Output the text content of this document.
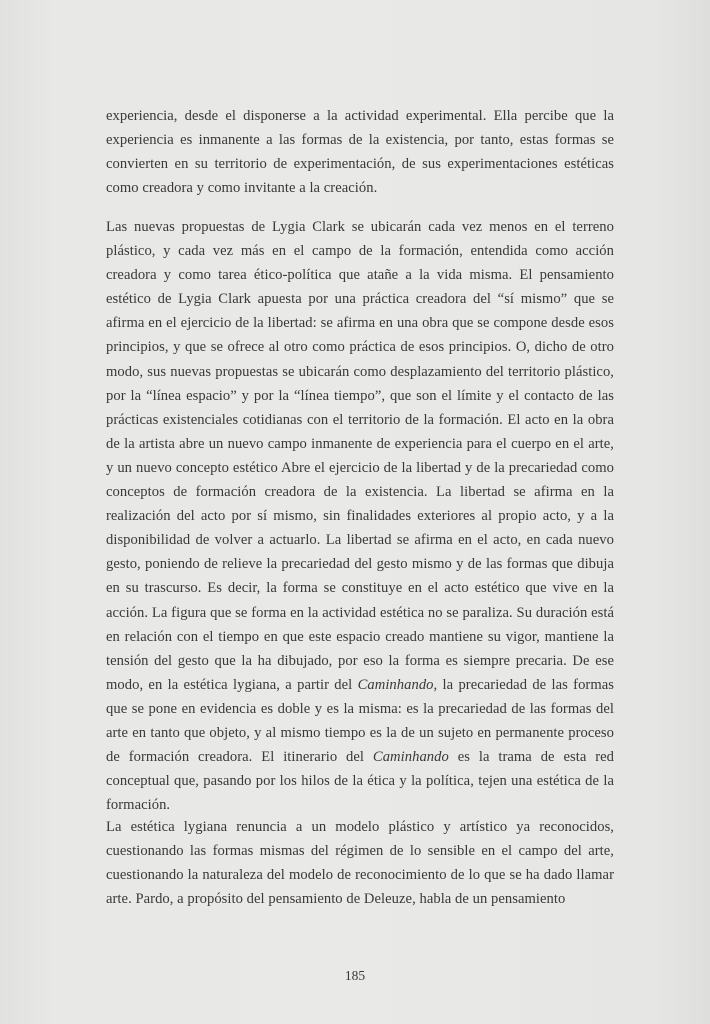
experiencia, desde el disponerse a la actividad experimental. Ella percibe que la experiencia es inmanente a las formas de la existencia, por tanto, estas formas se convierten en su territorio de experimentación, de sus experimentaciones estéticas como creadora y como invitante a la creación.

Las nuevas propuestas de Lygia Clark se ubicarán cada vez menos en el terreno plástico, y cada vez más en el campo de la formación, entendida como acción creadora y como tarea ético-política que atañe a la vida misma. El pensamiento estético de Lygia Clark apuesta por una práctica creadora del “sí mismo” que se afirma en el ejercicio de la libertad: se afirma en una obra que se compone desde esos principios, y que se ofrece al otro como práctica de esos principios. O, dicho de otro modo, sus nuevas propuestas se ubicarán como desplazamiento del territorio plástico, por la “línea espacio” y por la “línea tiempo”, que son el límite y el contacto de las prácticas existenciales cotidianas con el territorio de la formación. El acto en la obra de la artista abre un nuevo campo inmanente de experiencia para el cuerpo en el arte, y un nuevo concepto estético Abre el ejercicio de la libertad y de la precariedad como conceptos de formación creadora de la existencia. La libertad se afirma en la realización del acto por sí mismo, sin finalidades exteriores al propio acto, y a la disponibilidad de volver a actuarlo. La libertad se afirma en el acto, en cada nuevo gesto, poniendo de relieve la precariedad del gesto mismo y de las formas que dibuja en su trascurso. Es decir, la forma se constituye en el acto estético que vive en la acción. La figura que se forma en la actividad estética no se paraliza. Su duración está en relación con el tiempo en que este espacio creado mantiene su vigor, mantiene la tensión del gesto que la ha dibujado, por eso la forma es siempre precaria. De ese modo, en la estética lygiana, a partir del Caminhando, la precariedad de las formas que se pone en evidencia es doble y es la misma: es la precariedad de las formas del arte en tanto que objeto, y al mismo tiempo es la de un sujeto en permanente proceso de formación creadora. El itinerario del Caminhando es la trama de esta red conceptual que, pasando por los hilos de la ética y la política, tejen una estética de la formación.

La estética lygiana renuncia a un modelo plástico y artístico ya reconocidos, cuestionando las formas mismas del régimen de lo sensible en el campo del arte, cuestionando la naturaleza del modelo de reconocimiento de lo que se ha dado llamar arte. Pardo, a propósito del pensamiento de Deleuze, habla de un pensamiento

185
